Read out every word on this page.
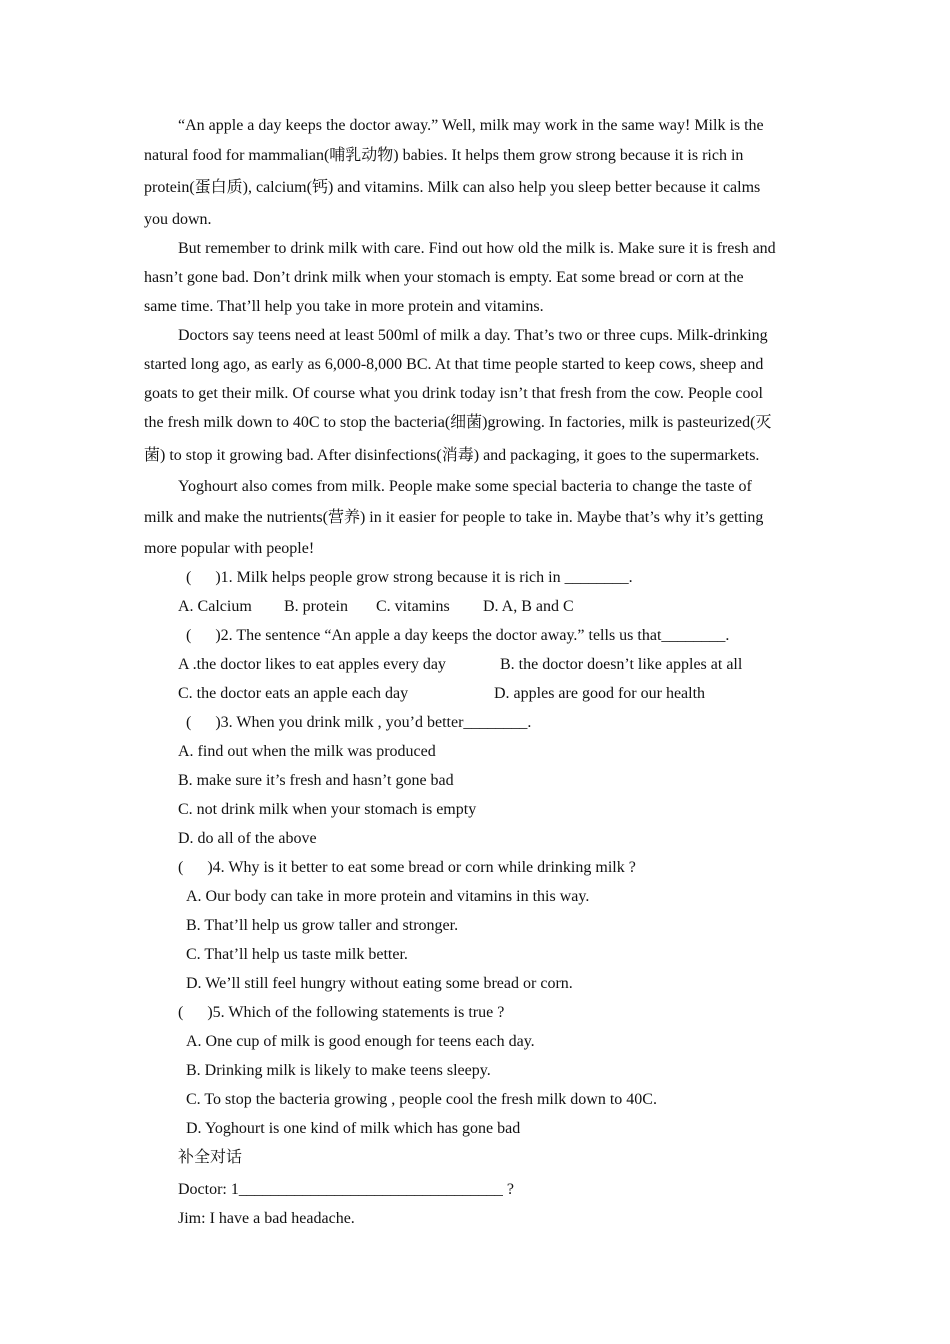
“An apple a day keeps the doctor away.” Well, milk may work in the same way! Milk is the
natural food for mammalian(哺乳动物) babies. It helps them grow strong because it is rich in
protein(蛋白质), calcium(钙) and vitamins. Milk can also help you sleep better because it calms
you down.
But remember to drink milk with care. Find out how old the milk is. Make sure it is fresh and
hasn’t gone bad. Don’t drink milk when your stomach is empty. Eat some bread or corn at the
same time. That’ll help you take in more protein and vitamins.
Doctors say teens need at least 500ml of milk a day. That’s two or three cups. Milk-drinking
started long ago, as early as 6,000-8,000 BC. At that time people started to keep cows, sheep and
goats to get their milk. Of course what you drink today isn’t that fresh from the cow. People cool
the fresh milk down to 40C to stop the bacteria(细菌)growing. In factories, milk is pasteurized(灭
菌) to stop it growing bad. After disinfections(消毒) and packaging, it goes to the supermarkets.
Yoghourt also comes from milk. People make some special bacteria to change the taste of
milk and make the nutrients(营养) in it easier for people to take in. Maybe that’s why it’s getting
more popular with people!
(      )1. Milk helps people grow strong because it is rich in ________.
A. Calcium B. protein C. vitamins D. A, B and C
(      )2. The sentence “An apple a day keeps the doctor away.” tells us that________.
A .the doctor likes to eat apples every day	B. the doctor doesn’t like apples at all
C. the doctor eats an apple each day	D. apples are good for our health
(      )3. When you drink milk , you’d better________.
A. find out when the milk was produced
B. make sure it’s fresh and hasn’t gone bad
C. not drink milk when your stomach is empty
D. do all of the above
(      )4. Why is it better to eat some bread or corn while drinking milk ?
A. Our body can take in more protein and vitamins in this way.
B. That’ll help us grow taller and stronger.
C. That’ll help us taste milk better.
D. We’ll still feel hungry without eating some bread or corn.
(      )5. Which of the following statements is true ?
A. One cup of milk is good enough for teens each day.
B. Drinking milk is likely to make teens sleepy.
C. To stop the bacteria growing , people cool the fresh milk down to 40C.
D. Yoghourt is one kind of milk which has gone bad
补全对话
Doctor: 1_________________________________ ?
Jim: I have a bad headache.
